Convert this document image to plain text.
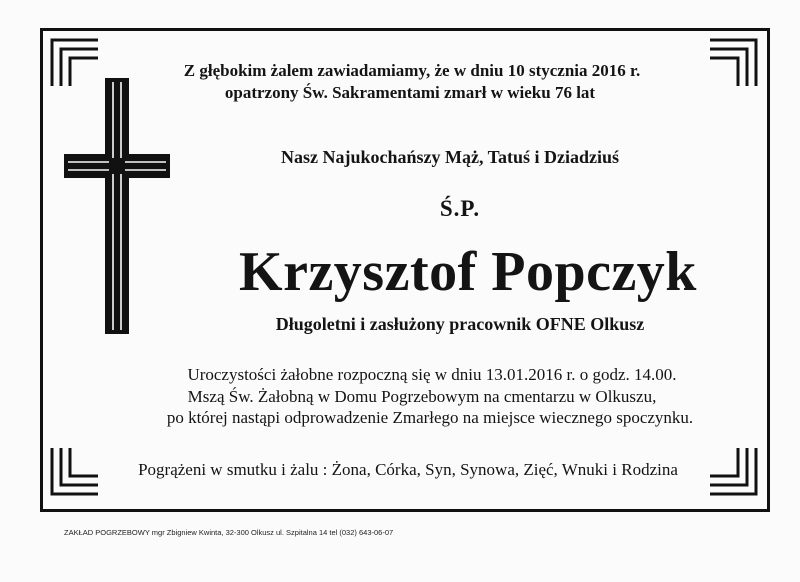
Z głębokim żalem zawiadamiamy, że w dniu 10 stycznia 2016 r.
opatrzony Św. Sakramentami zmarł w wieku 76 lat
Nasz Najukochańszy Mąż, Tatuś i Dziadziuś
Ś.P.
Krzysztof Popczyk
Długoletni i zasłużony pracownik OFNE Olkusz
Uroczystości żałobne rozpoczną się w dniu 13.01.2016 r. o godz. 14.00.
Mszą Św. Żałobną w Domu Pogrzebowym na cmentarzu w Olkuszu,
po której nastąpi odprowadzenie Zmarłego na miejsce wiecznego spoczynku.
Pogrążeni w smutku i żalu : Żona, Córka, Syn, Synowa, Zięć, Wnuki i Rodzina
ZAKŁAD POGRZEBOWY mgr Zbigniew Kwinta, 32-300 Olkusz ul. Szpitalna 14 tel (032) 643-06-07
